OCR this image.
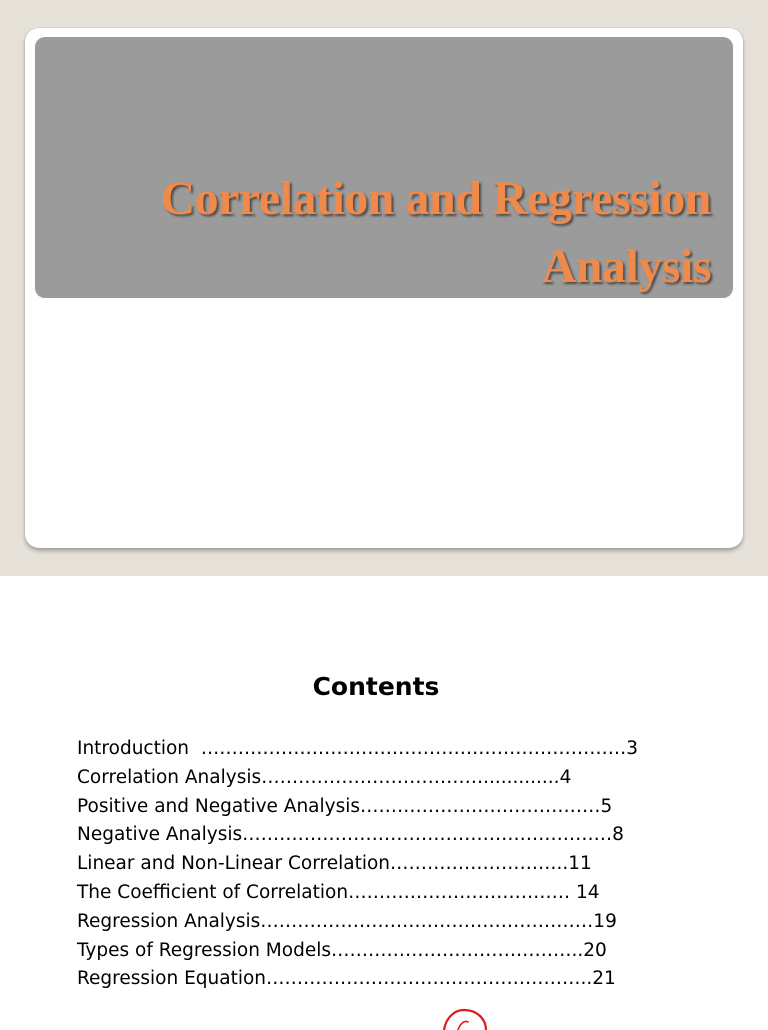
Correlation and Regression
Analysis
Contents
Introduction  ……………………………………………………………3
Correlation Analysis……………………………….............4
Positive and Negative Analysis…………………………………5
Negative Analysis……………………………………………………8
Linear and Non-Linear Correlation………………………..11
The Coefficient of Correlation……………………………… 14
Regression Analysis………………………………………………19
Types of Regression Models…………………………………..20
Regression Equation……………………………………………..21
